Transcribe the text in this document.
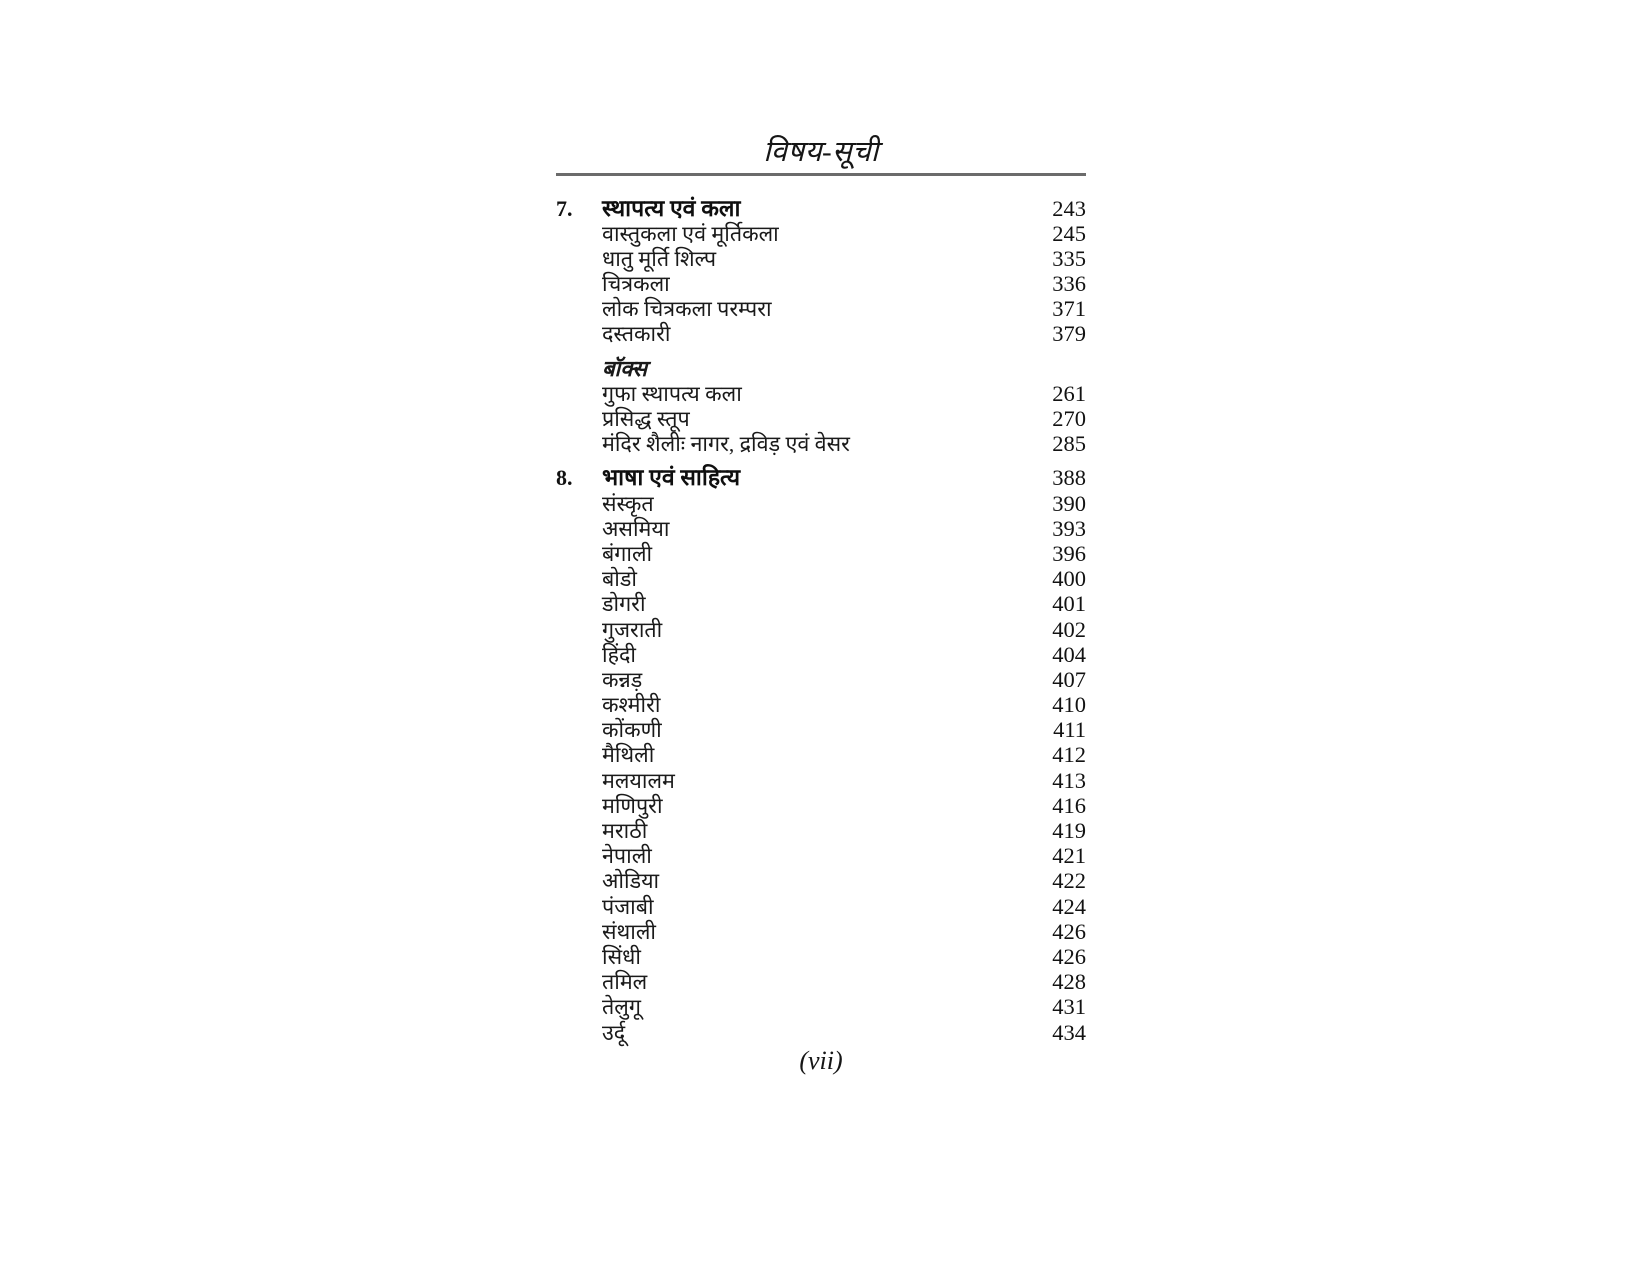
विषय-सूची
7.	स्थापत्य एवं कला	243
वास्तुकला एवं मूर्तिकला	245
धातु मूर्ति शिल्प	335
चित्रकला	336
लोक चित्रकला परम्परा	371
दस्तकारी	379
बॉक्स
गुफा स्थापत्य कला	261
प्रसिद्ध स्तूप	270
मंदिर शैलीः नागर, द्रविड़ एवं वेसर	285
8.	भाषा एवं साहित्य	388
संस्कृत	390
असमिया	393
बंगाली	396
बोडो	400
डोगरी	401
गुजराती	402
हिंदी	404
कन्नड़	407
कश्मीरी	410
कोंकणी	411
मैथिली	412
मलयालम	413
मणिपुरी	416
मराठी	419
नेपाली	421
ओडिया	422
पंजाबी	424
संथाली	426
सिंधी	426
तमिल	428
तेलुगू	431
उर्दू	434
(vii)
